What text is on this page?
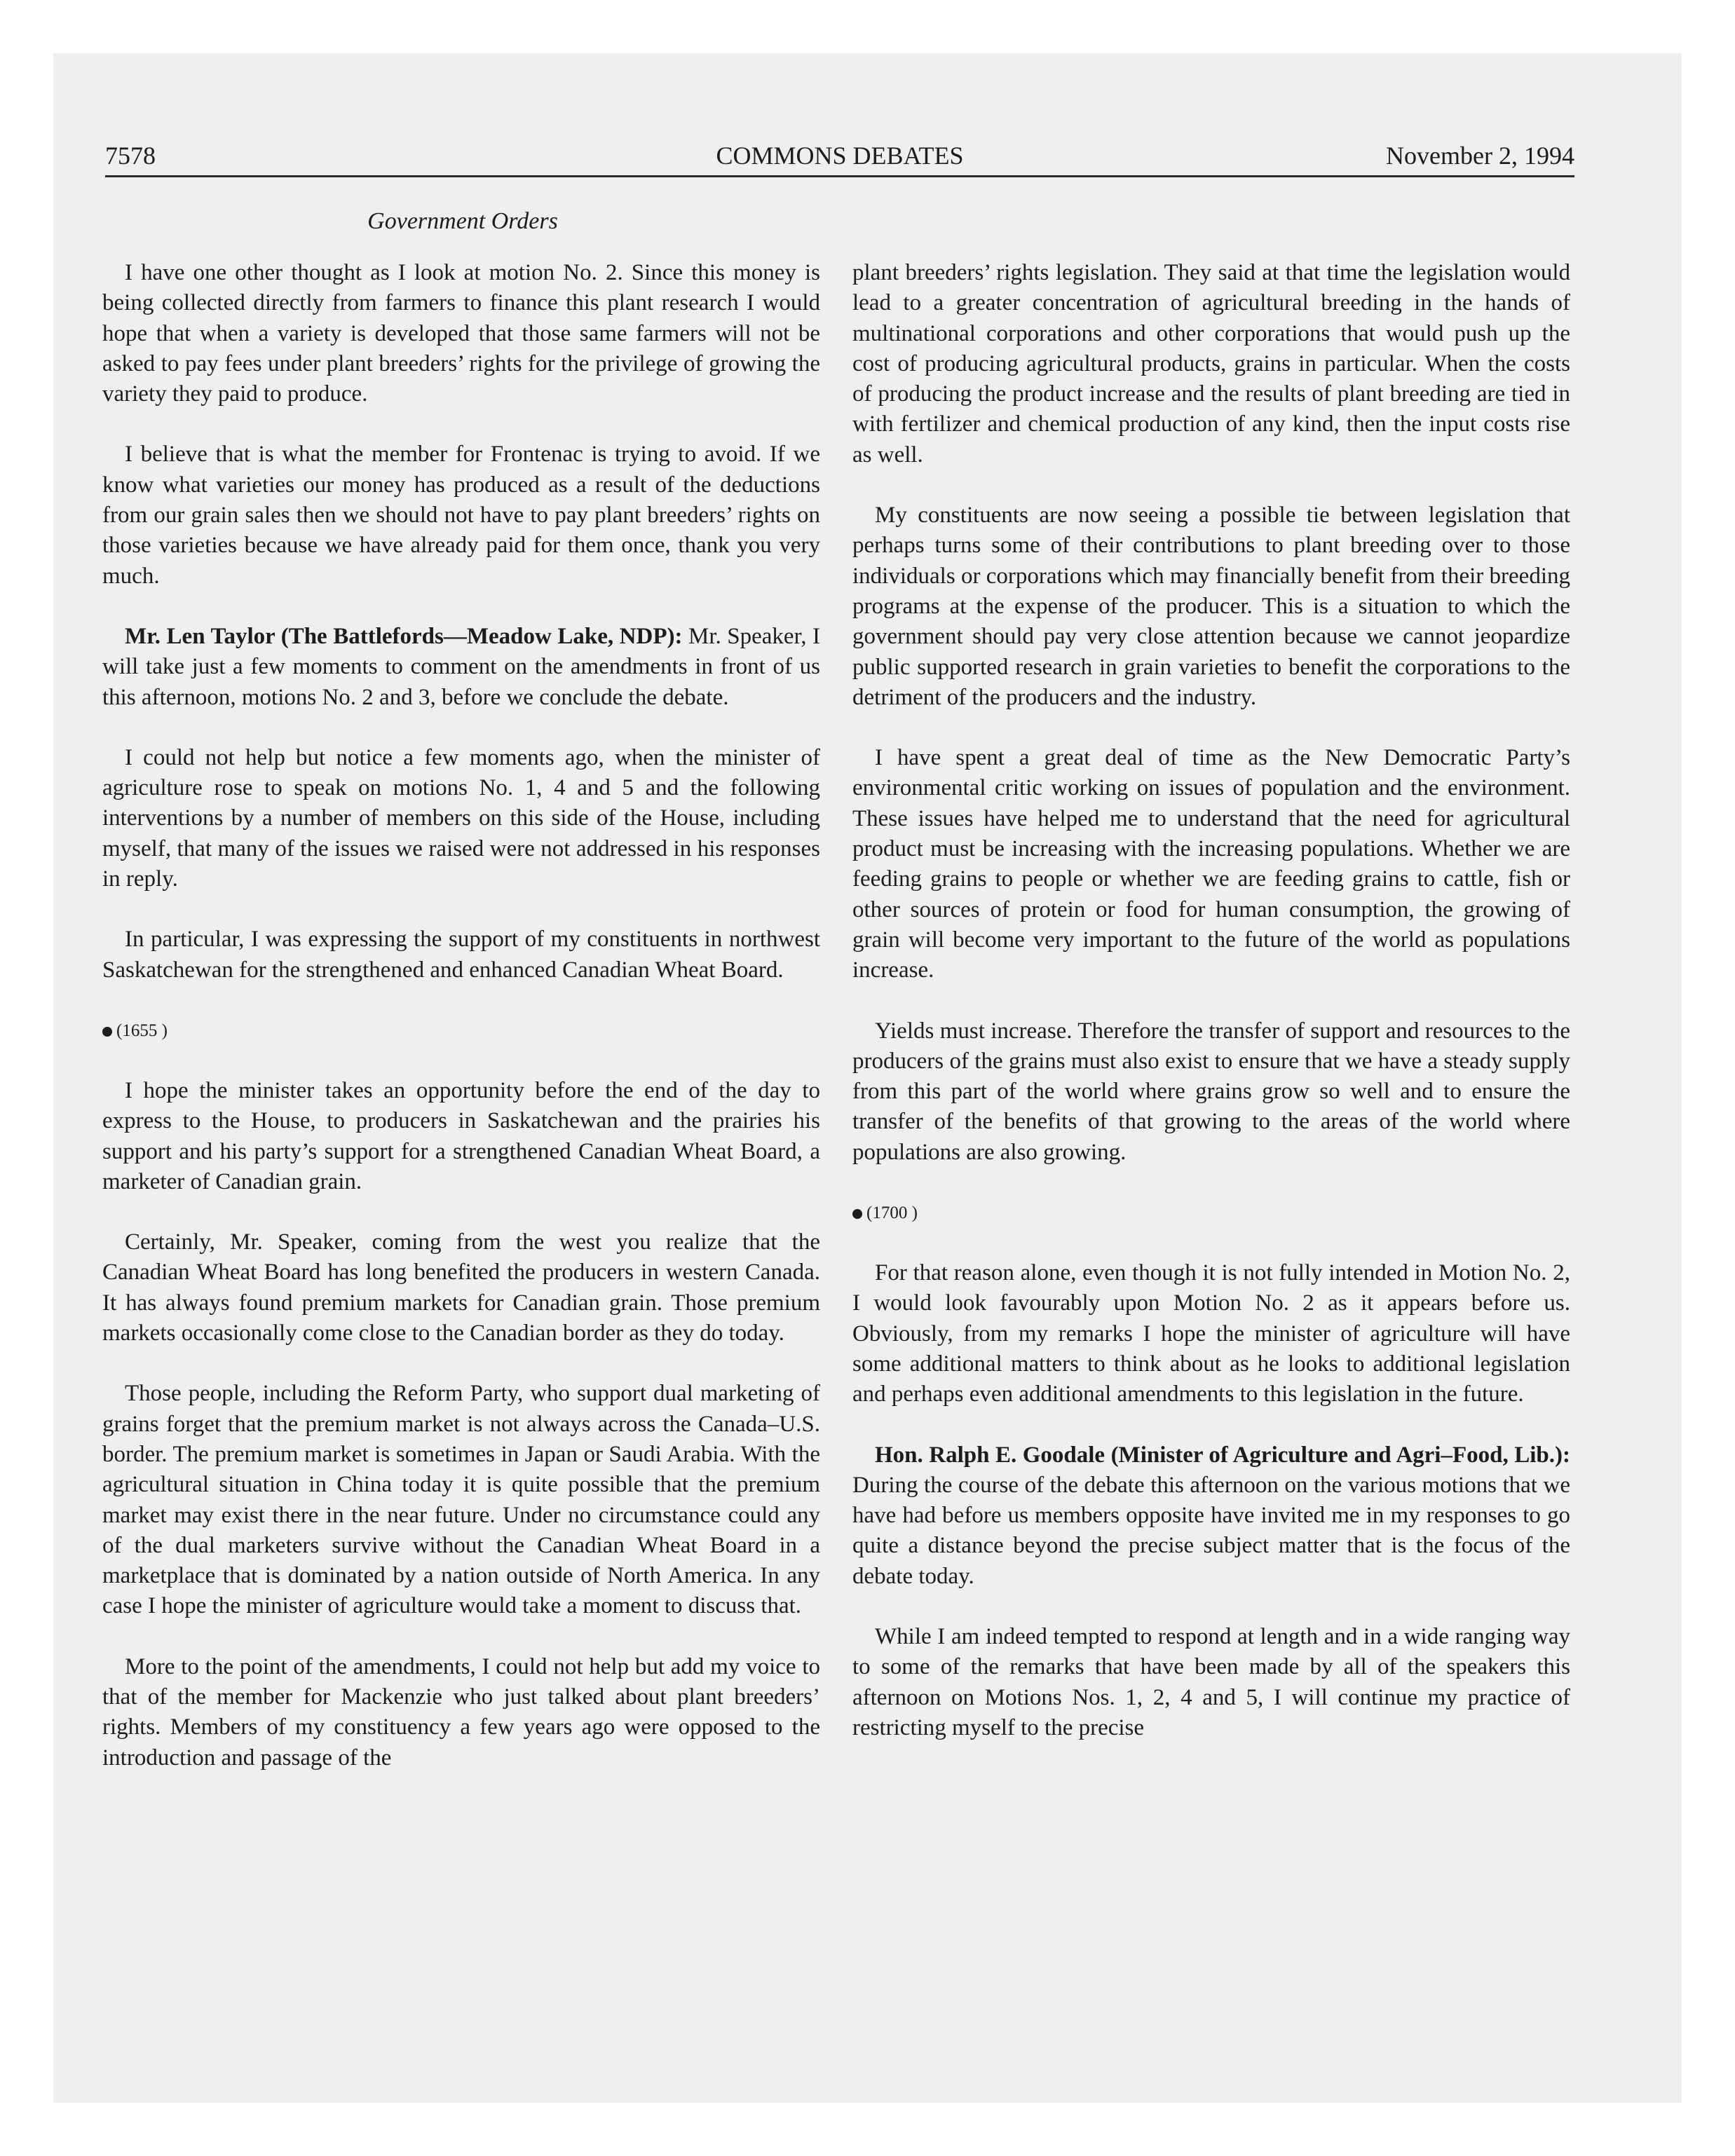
7578	COMMONS DEBATES	November 2, 1994
Government Orders

I have one other thought as I look at motion No. 2. Since this money is being collected directly from farmers to finance this plant research I would hope that when a variety is developed that those same farmers will not be asked to pay fees under plant breeders’ rights for the privilege of growing the variety they paid to produce.

I believe that is what the member for Frontenac is trying to avoid. If we know what varieties our money has produced as a result of the deductions from our grain sales then we should not have to pay plant breeders’ rights on those varieties because we have already paid for them once, thank you very much.

Mr. Len Taylor (The Battlefords—Meadow Lake, NDP): Mr. Speaker, I will take just a few moments to comment on the amendments in front of us this afternoon, motions No. 2 and 3, before we conclude the debate.

I could not help but notice a few moments ago, when the minister of agriculture rose to speak on motions No. 1, 4 and 5 and the following interventions by a number of members on this side of the House, including myself, that many of the issues we raised were not addressed in his responses in reply.

In particular, I was expressing the support of my constituents in northwest Saskatchewan for the strengthened and enhanced Canadian Wheat Board.

(1655 )

I hope the minister takes an opportunity before the end of the day to express to the House, to producers in Saskatchewan and the prairies his support and his party’s support for a strengthened Canadian Wheat Board, a marketer of Canadian grain.

Certainly, Mr. Speaker, coming from the west you realize that the Canadian Wheat Board has long benefited the producers in western Canada. It has always found premium markets for Canadian grain. Those premium markets occasionally come close to the Canadian border as they do today.

Those people, including the Reform Party, who support dual marketing of grains forget that the premium market is not always across the Canada–U.S. border. The premium market is sometimes in Japan or Saudi Arabia. With the agricultural situation in China today it is quite possible that the premium market may exist there in the near future. Under no circumstance could any of the dual marketers survive without the Canadian Wheat Board in a marketplace that is dominated by a nation outside of North America. In any case I hope the minister of agriculture would take a moment to discuss that.

More to the point of the amendments, I could not help but add my voice to that of the member for Mackenzie who just talked about plant breeders’ rights. Members of my constituency a few years ago were opposed to the introduction and passage of the

plant breeders’ rights legislation. They said at that time the legislation would lead to a greater concentration of agricultural breeding in the hands of multinational corporations and other corporations that would push up the cost of producing agricultural products, grains in particular. When the costs of producing the product increase and the results of plant breeding are tied in with fertilizer and chemical production of any kind, then the input costs rise as well.

My constituents are now seeing a possible tie between legislation that perhaps turns some of their contributions to plant breeding over to those individuals or corporations which may financially benefit from their breeding programs at the expense of the producer. This is a situation to which the government should pay very close attention because we cannot jeopardize public supported research in grain varieties to benefit the corporations to the detriment of the producers and the industry.

I have spent a great deal of time as the New Democratic Party’s environmental critic working on issues of population and the environment. These issues have helped me to understand that the need for agricultural product must be increasing with the increasing populations. Whether we are feeding grains to people or whether we are feeding grains to cattle, fish or other sources of protein or food for human consumption, the growing of grain will become very important to the future of the world as populations increase.

Yields must increase. Therefore the transfer of support and resources to the producers of the grains must also exist to ensure that we have a steady supply from this part of the world where grains grow so well and to ensure the transfer of the benefits of that growing to the areas of the world where populations are also growing.

(1700 )

For that reason alone, even though it is not fully intended in Motion No. 2, I would look favourably upon Motion No. 2 as it appears before us. Obviously, from my remarks I hope the minister of agriculture will have some additional matters to think about as he looks to additional legislation and perhaps even additional amendments to this legislation in the future.

Hon. Ralph E. Goodale (Minister of Agriculture and Agri–Food, Lib.): During the course of the debate this afternoon on the various motions that we have had before us members opposite have invited me in my responses to go quite a distance beyond the precise subject matter that is the focus of the debate today.

While I am indeed tempted to respond at length and in a wide ranging way to some of the remarks that have been made by all of the speakers this afternoon on Motions Nos. 1, 2, 4 and 5, I will continue my practice of restricting myself to the precise
